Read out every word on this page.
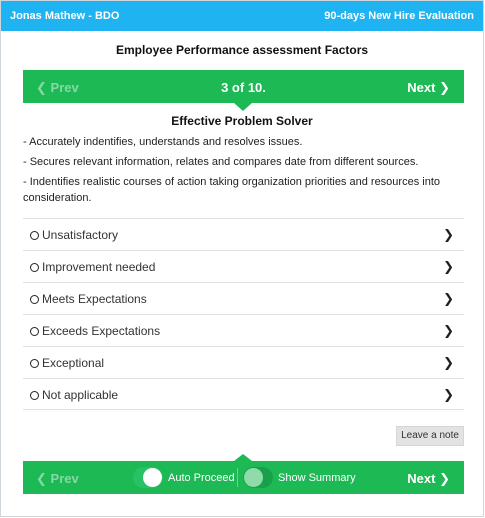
Jonas Mathew - BDO	90-days New Hire Evaluation
Employee Performance assessment Factors
❮ Prev	3 of 10.	Next ❯
Effective Problem Solver
- Accurately indentifies, understands and resolves issues.
- Secures relevant information, relates and compares date from different sources.
- Indentifies realistic courses of action taking organization priorities and resources into consideration.
Unsatisfactory	❯
Improvement needed	❯
Meets Expectations	❯
Exceeds Expectations	❯
Exceptional	❯
Not applicable	❯
Leave a note
❮ Prev	Auto Proceed	Show Summary	Next ❯
